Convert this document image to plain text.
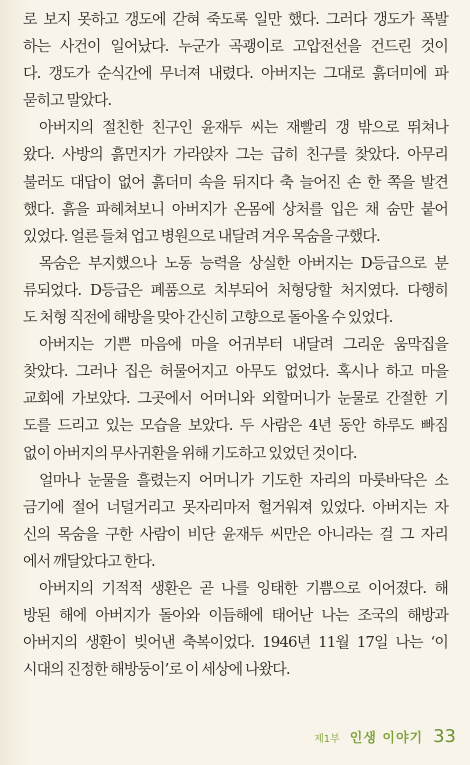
로 보지 못하고 갱도에 갇혀 죽도록 일만 했다. 그러다 갱도가 폭발
하는 사건이 일어났다. 누군가 곡괭이로 고압전선을 건드린 것이
다. 갱도가 순식간에 무너져 내렸다. 아버지는 그대로 흙더미에 파
묻히고 말았다.
아버지의 절친한 친구인 윤재두 씨는 재빨리 갱 밖으로 뛰쳐나
왔다. 사방의 흙먼지가 가라앉자 그는 급히 친구를 찾았다. 아무리
불러도 대답이 없어 흙더미 속을 뒤지다 축 늘어진 손 한 쪽을 발견
했다. 흙을 파헤쳐보니 아버지가 온몸에 상처를 입은 채 숨만 붙어
있었다. 얼른 들쳐 업고 병원으로 내달려 겨우 목숨을 구했다.
목숨은 부지했으나 노동 능력을 상실한 아버지는 D등급으로 분
류되었다. D등급은 폐품으로 치부되어 처형당할 처지였다. 다행히
도 처형 직전에 해방을 맞아 간신히 고향으로 돌아올 수 있었다.
아버지는 기쁜 마음에 마을 어귀부터 내달려 그리운 움막집을
찾았다. 그러나 집은 허물어지고 아무도 없었다. 혹시나 하고 마을
교회에 가보았다. 그곳에서 어머니와 외할머니가 눈물로 간절한 기
도를 드리고 있는 모습을 보았다. 두 사람은 4년 동안 하루도 빠짐
없이 아버지의 무사귀환을 위해 기도하고 있었던 것이다.
얼마나 눈물을 흘렸는지 어머니가 기도한 자리의 마룻바닥은 소
금기에 절어 너덜거리고 못자리마저 헐거워져 있었다. 아버지는 자
신의 목숨을 구한 사람이 비단 윤재두 씨만은 아니라는 걸 그 자리
에서 깨달았다고 한다.
아버지의 기적적 생환은 곧 나를 잉태한 기쁨으로 이어졌다. 해
방된 해에 아버지가 돌아와 이듬해에 태어난 나는 조국의 해방과
아버지의 생환이 빚어낸 축복이었다. 1946년 11월 17일 나는 ‘이
시대의 진정한 해방둥이’로 이 세상에 나왔다.
제1부 인생 이야기 33
